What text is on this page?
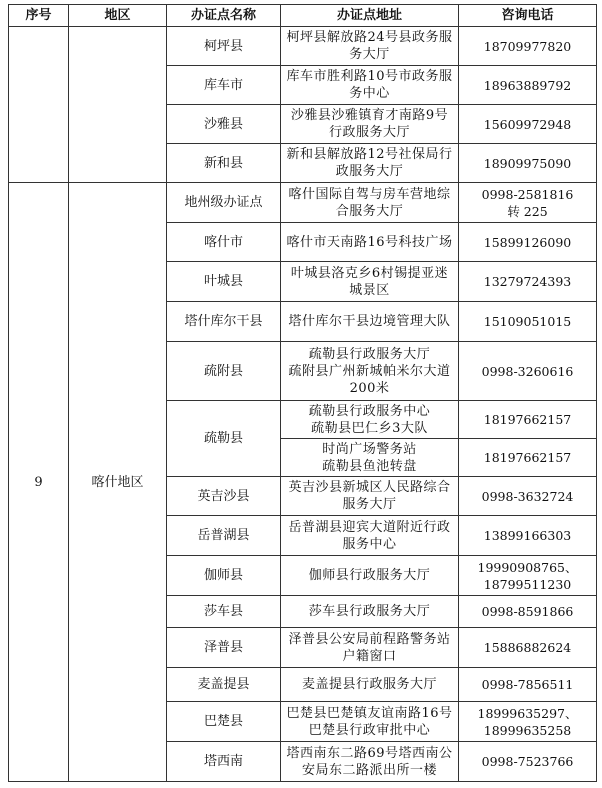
序号	地区	办证点名称	办证点地址	咨询电话
		柯坪县	柯坪县解放路24号县政务服务大厅	18709977820
		库车市	库车市胜利路10号市政务服务中心	18963889792
		沙雅县	沙雅县沙雅镇育才南路9号行政服务大厅	15609972948
		新和县	新和县解放路12号社保局行政服务大厅	18909975090
9	喀什地区	地州级办证点	喀什国际自驾与房车营地综合服务大厅	0998-2581816
转 225
		喀什市	喀什市天南路16号科技广场	15899126090
		叶城县	叶城县洛克乡6村锡提亚迷城景区	13279724393
		塔什库尔干县	塔什库尔干县边境管理大队	15109051015
		疏附县	疏勒县行政服务大厅
疏附县广州新城帕米尔大道200米	0998-3260616
		疏勒县	疏勒县行政服务中心
疏勒县巴仁乡3大队	18197662157
			时尚广场警务站
疏勒县鱼池转盘	18197662157
		英吉沙县	英吉沙县新城区人民路综合服务大厅	0998-3632724
		岳普湖县	岳普湖县迎宾大道附近行政服务中心	13899166303
		伽师县	伽师县行政服务大厅	19990908765、
18799511230
		莎车县	莎车县行政服务大厅	0998-8591866
		泽普县	泽普县公安局前程路警务站户籍窗口	15886882624
		麦盖提县	麦盖提县行政服务大厅	0998-7856511
		巴楚县	巴楚县巴楚镇友谊南路16号巴楚县行政审批中心	18999635297、
18999635258
		塔西南	塔西南东二路69号塔西南公安局东二路派出所一楼	0998-7523766
